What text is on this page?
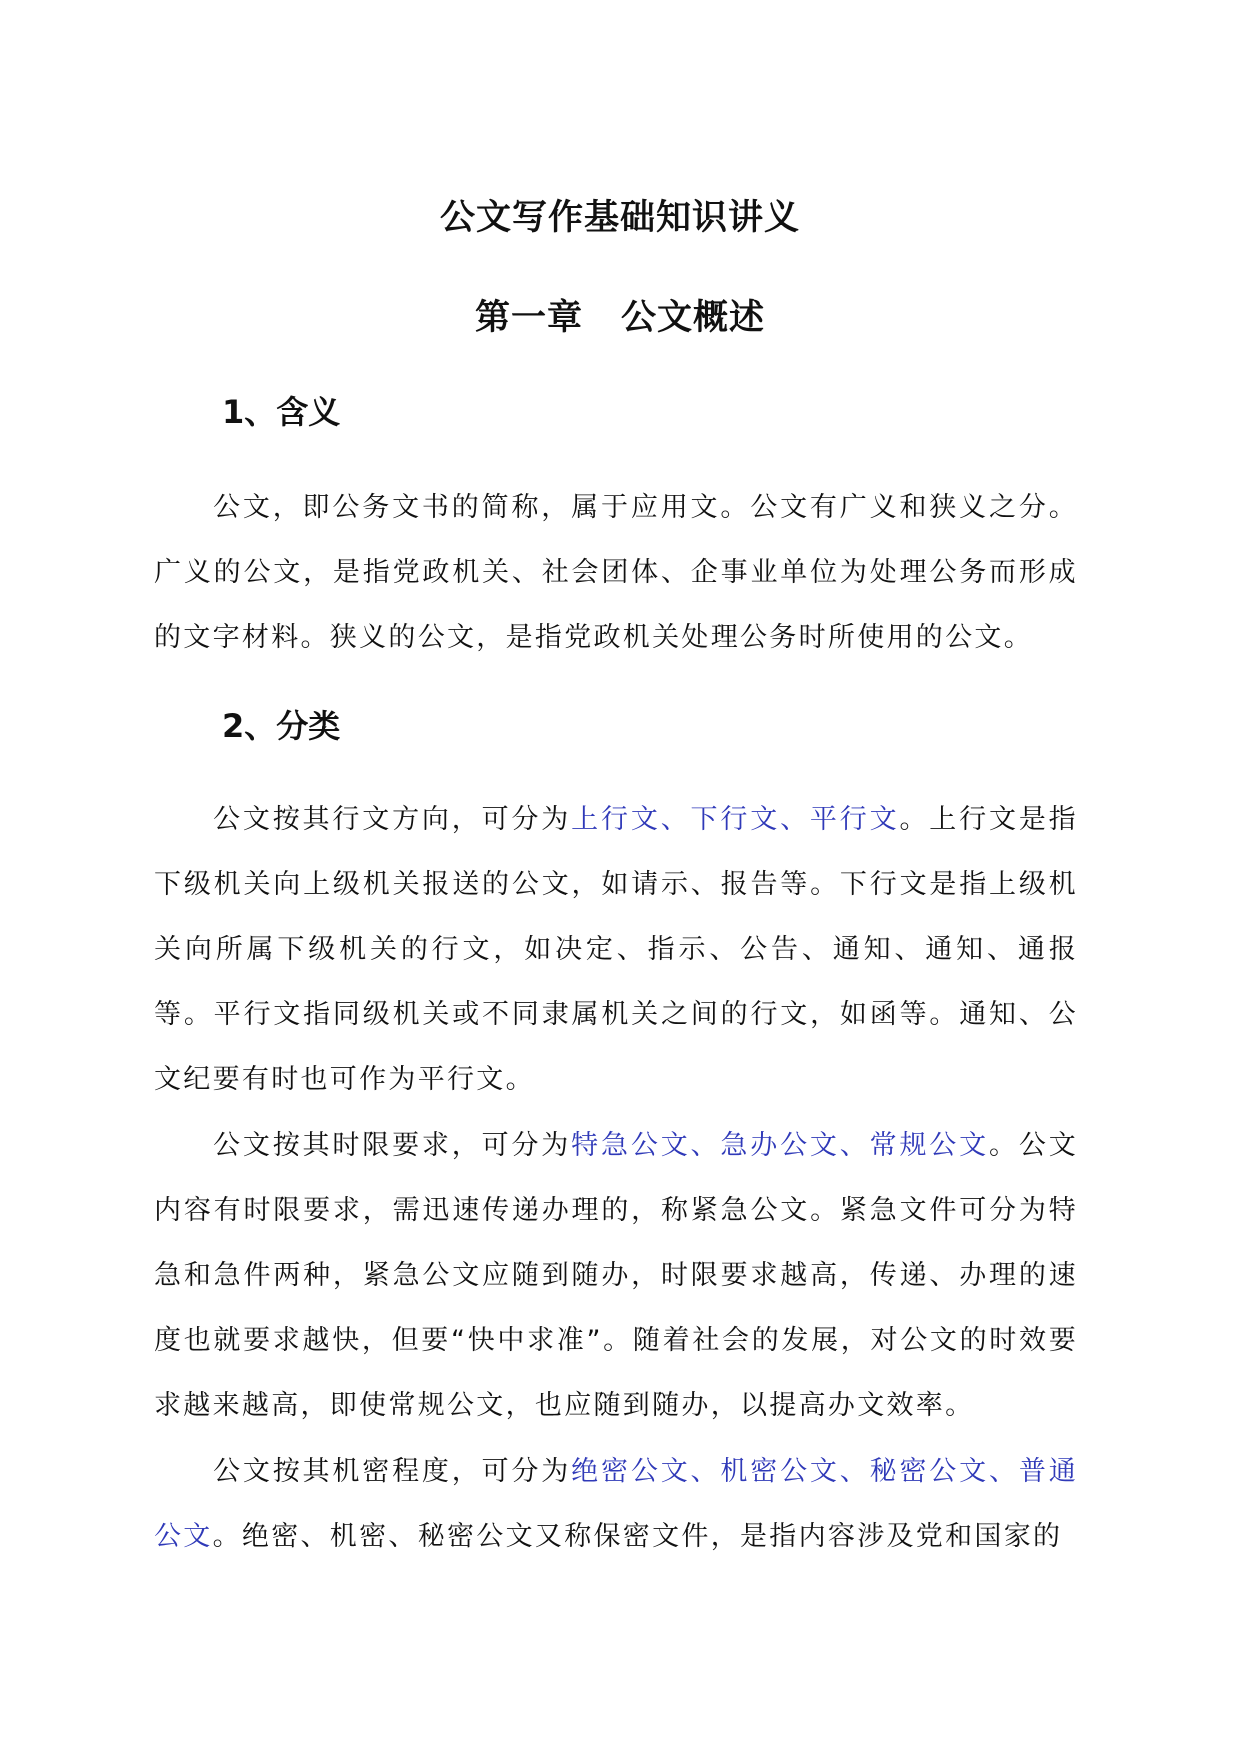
公文写作基础知识讲义
第一章 公文概述
1、含义

公文，即公务文书的简称，属于应用文。公文有广义和狭义之分。广义的公文，是指党政机关、社会团体、企事业单位为处理公务而形成的文字材料。狭义的公文，是指党政机关处理公务时所使用的公文。

2、分类

公文按其行文方向，可分为上行文、下行文、平行文。上行文是指下级机关向上级机关报送的公文，如请示、报告等。下行文是指上级机关向所属下级机关的行文，如决定、指示、公告、通知、通知、通报等。平行文指同级机关或不同隶属机关之间的行文，如函等。通知、公文纪要有时也可作为平行文。

公文按其时限要求，可分为特急公文、急办公文、常规公文。公文内容有时限要求，需迅速传递办理的，称紧急公文。紧急文件可分为特急和急件两种，紧急公文应随到随办，时限要求越高，传递、办理的速度也就要求越快，但要“快中求准”。随着社会的发展，对公文的时效要求越来越高，即使常规公文，也应随到随办，以提高办文效率。

公文按其机密程度，可分为绝密公文、机密公文、秘密公文、普通公文。绝密、机密、秘密公文又称保密文件，是指内容涉及党和国家的
